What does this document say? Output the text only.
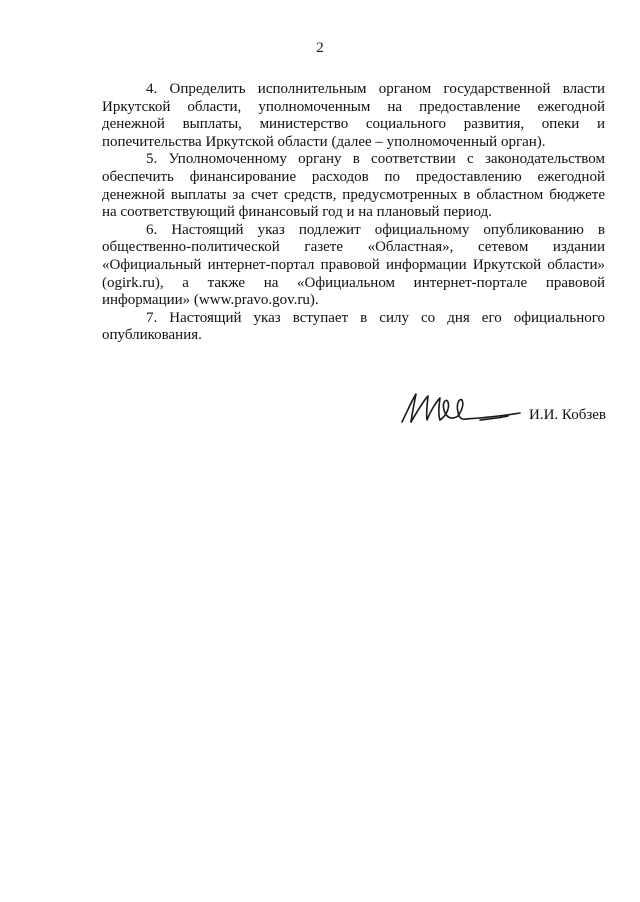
2

4. Определить исполнительным органом государственной власти Иркутской области, уполномоченным на предоставление ежегодной денежной выплаты, министерство социального развития, опеки и попечительства Иркутской области (далее – уполномоченный орган).

5. Уполномоченному органу в соответствии с законодательством обеспечить финансирование расходов по предоставлению ежегодной денежной выплаты за счет средств, предусмотренных в областном бюджете на соответствующий финансовый год и на плановый период.

6. Настоящий указ подлежит официальному опубликованию в общественно-политической газете «Областная», сетевом издании «Официальный интернет-портал правовой информации Иркутской области» (ogirk.ru), а также на «Официальном интернет-портале правовой информации» (www.pravo.gov.ru).

7. Настоящий указ вступает в силу со дня его официального опубликования.

И.И. Кобзев
